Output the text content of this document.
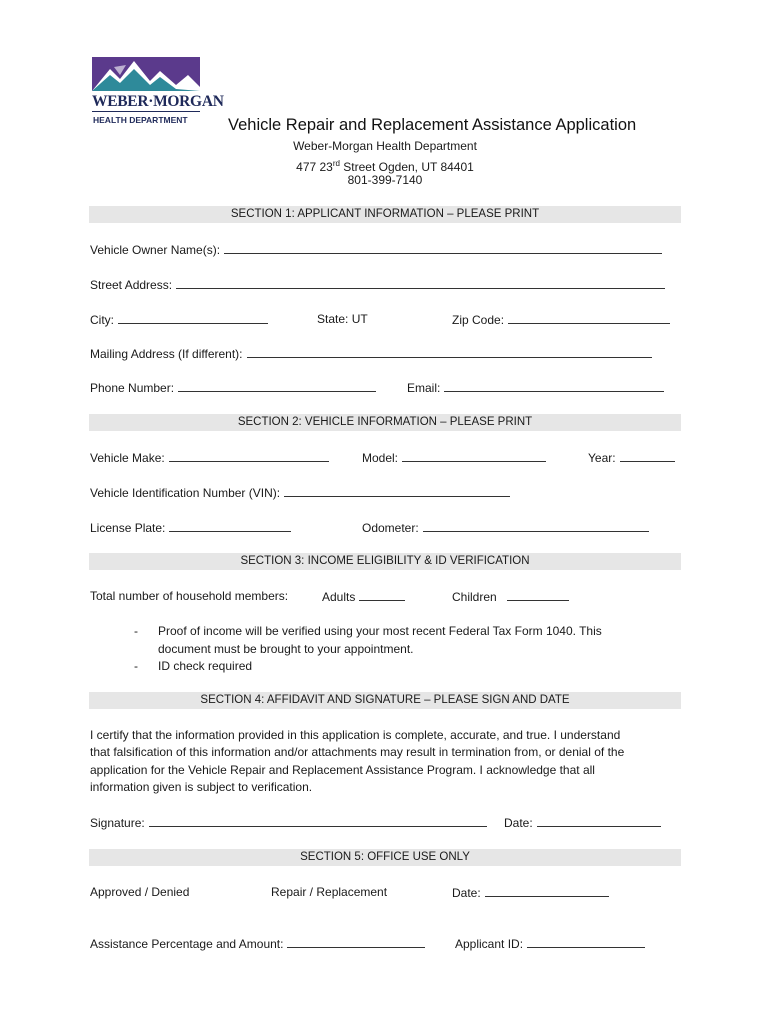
WEBER·MORGAN
HEALTH DEPARTMENT Vehicle Repair and Replacement Assistance Application
Weber-Morgan Health Department
477 23rd Street Ogden, UT 84401
801-399-7140
SECTION 1: APPLICANT INFORMATION – PLEASE PRINT
Vehicle Owner Name(s):
Street Address:
City:	State: UT	Zip Code:
Mailing Address (If different):
Phone Number:	Email:
SECTION 2: VEHICLE INFORMATION – PLEASE PRINT
Vehicle Make:	Model:	Year:
Vehicle Identification Number (VIN):
License Plate:	Odometer:
SECTION 3: INCOME ELIGIBILITY & ID VERIFICATION
Total number of household members:	Adults	Children
- Proof of income will be verified using your most recent Federal Tax Form 1040. This
document must be brought to your appointment.
- ID check required
SECTION 4: AFFIDAVIT AND SIGNATURE – PLEASE SIGN AND DATE
I certify that the information provided in this application is complete, accurate, and true. I understand
that falsification of this information and/or attachments may result in termination from, or denial of the
application for the Vehicle Repair and Replacement Assistance Program. I acknowledge that all
information given is subject to verification.
Signature:	Date:
SECTION 5: OFFICE USE ONLY
Approved / Denied	Repair / Replacement	Date:
Assistance Percentage and Amount:	Applicant ID:
